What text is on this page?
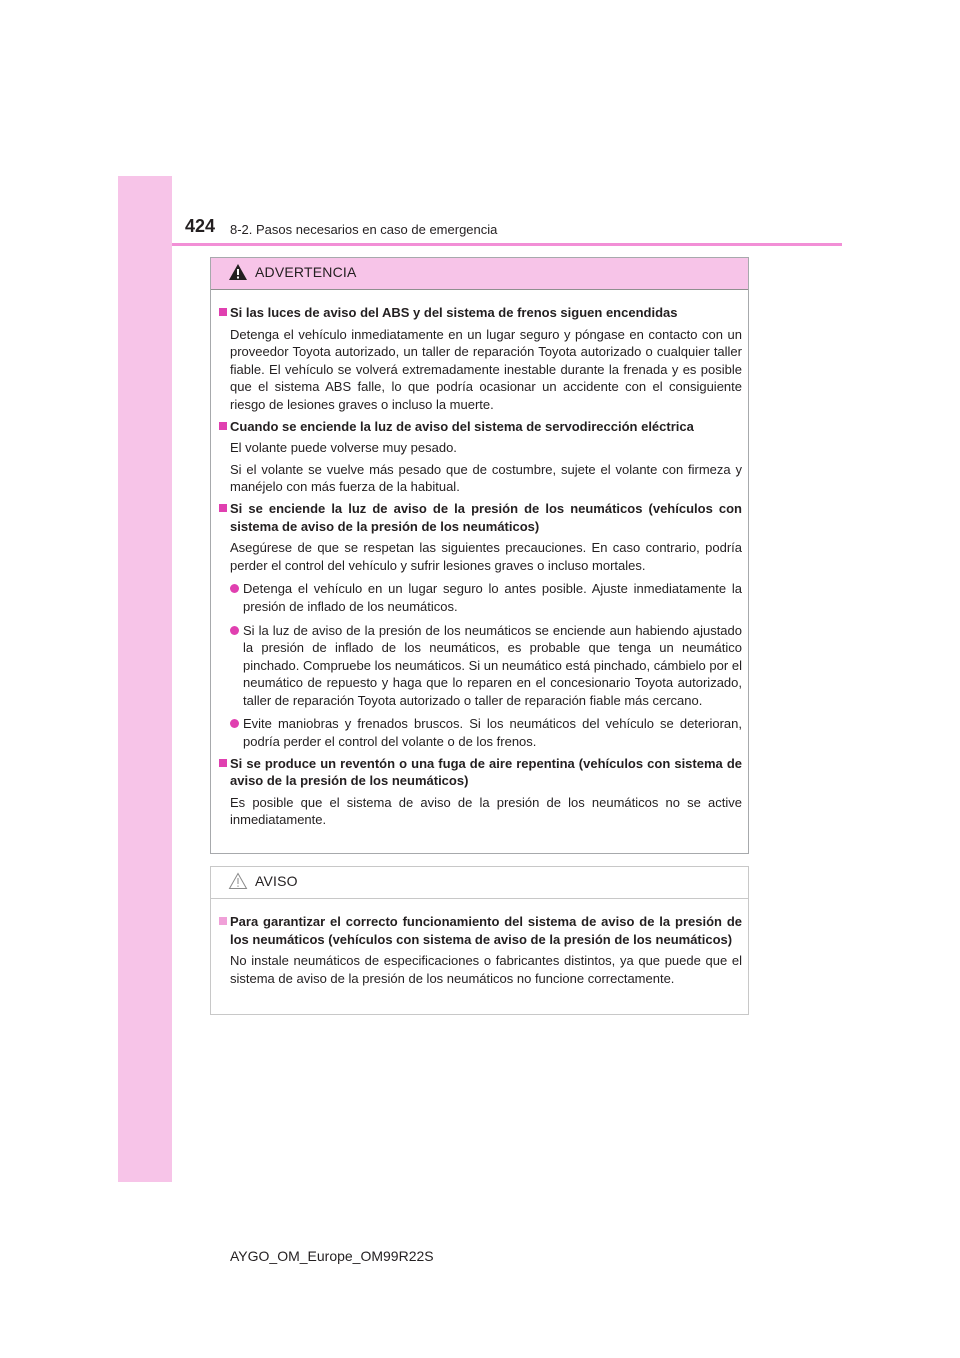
424 8-2. Pasos necesarios en caso de emergencia
ADVERTENCIA
Si las luces de aviso del ABS y del sistema de frenos siguen encendidas
Detenga el vehículo inmediatamente en un lugar seguro y póngase en contacto con un proveedor Toyota autorizado, un taller de reparación Toyota autorizado o cualquier taller fiable. El vehículo se volverá extremadamente inestable durante la frenada y es posible que el sistema ABS falle, lo que podría ocasionar un accidente con el consiguiente riesgo de lesiones graves o incluso la muerte.
Cuando se enciende la luz de aviso del sistema de servodirección eléctrica
El volante puede volverse muy pesado.
Si el volante se vuelve más pesado que de costumbre, sujete el volante con firmeza y manéjelo con más fuerza de la habitual.
Si se enciende la luz de aviso de la presión de los neumáticos (vehículos con sistema de aviso de la presión de los neumáticos)
Asegúrese de que se respetan las siguientes precauciones. En caso contrario, podría perder el control del vehículo y sufrir lesiones graves o incluso mortales.
Detenga el vehículo en un lugar seguro lo antes posible. Ajuste inmediatamente la presión de inflado de los neumáticos.
Si la luz de aviso de la presión de los neumáticos se enciende aun habiendo ajustado la presión de inflado de los neumáticos, es probable que tenga un neumático pinchado. Compruebe los neumáticos. Si un neumático está pinchado, cámbielo por el neumático de repuesto y haga que lo reparen en el concesionario Toyota autorizado, taller de reparación Toyota autorizado o taller de reparación fiable más cercano.
Evite maniobras y frenados bruscos. Si los neumáticos del vehículo se deterioran, podría perder el control del volante o de los frenos.
Si se produce un reventón o una fuga de aire repentina (vehículos con sistema de aviso de la presión de los neumáticos)
Es posible que el sistema de aviso de la presión de los neumáticos no se active inmediatamente.
AVISO
Para garantizar el correcto funcionamiento del sistema de aviso de la presión de los neumáticos (vehículos con sistema de aviso de la presión de los neumáticos)
No instale neumáticos de especificaciones o fabricantes distintos, ya que puede que el sistema de aviso de la presión de los neumáticos no funcione correctamente.
AYGO_OM_Europe_OM99R22S
